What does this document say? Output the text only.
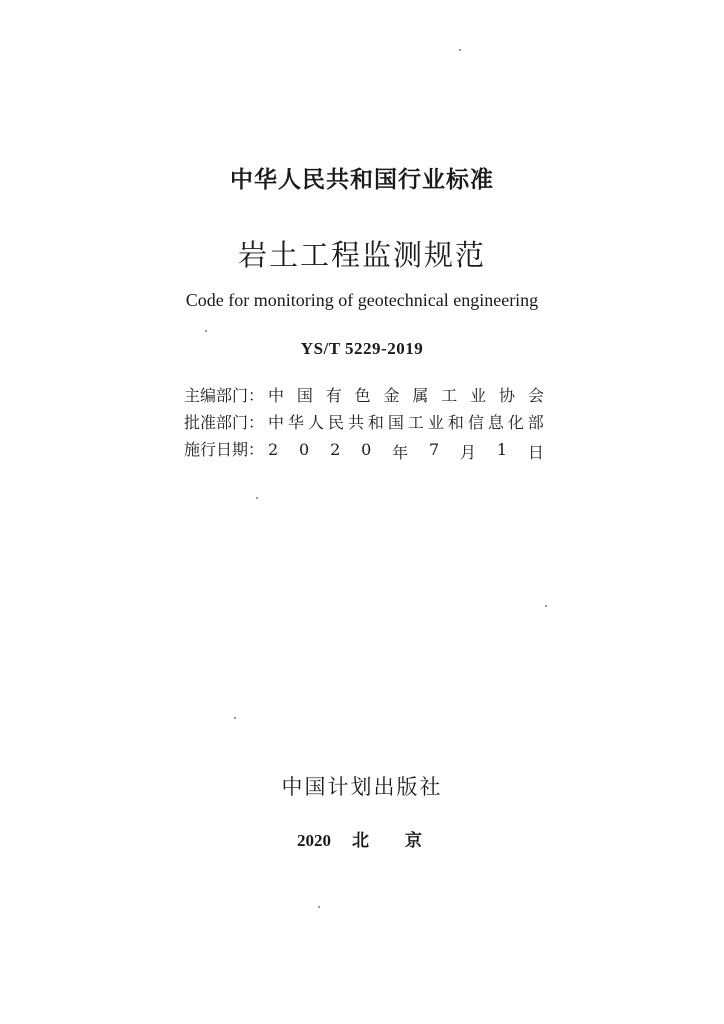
中华人民共和国行业标准
岩土工程监测规范
Code for monitoring of geotechnical engineering
YS/T 5229-2019
主编部门： 中 国 有 色 金 属 工 业 协 会
批准部门： 中 华 人 民 共 和 国 工 业 和 信 息 化 部
施行日期： 2 0 2 0 年 7 月 1 日
中国计划出版社
2020	北京
